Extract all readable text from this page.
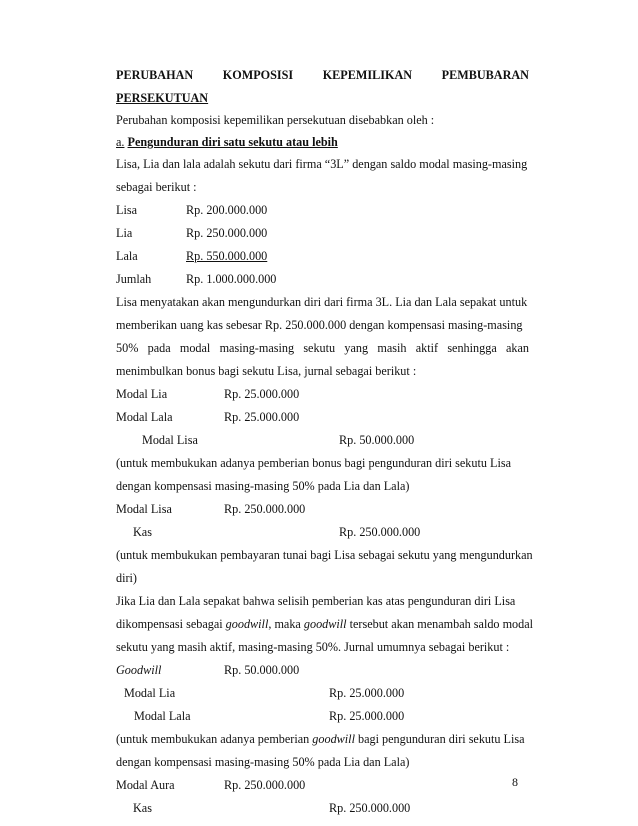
PERUBAHAN KOMPOSISI KEPEMILIKAN PEMBUBARAN
PERSEKUTUAN
Perubahan komposisi kepemilikan persekutuan disebabkan oleh :
a. Pengunduran diri satu sekutu atau lebih
Lisa, Lia dan lala adalah sekutu dari firma “3L” dengan saldo modal masing-masing
sebagai berikut :
Lisa	Rp. 200.000.000
Lia	Rp. 250.000.000
Lala	Rp. 550.000.000
Jumlah	Rp. 1.000.000.000
Lisa menyatakan akan mengundurkan diri dari firma 3L. Lia dan Lala sepakat untuk
memberikan uang kas sebesar Rp. 250.000.000 dengan kompensasi masing-masing
50% pada modal masing-masing sekutu yang masih aktif senhingga akan
menimbulkan bonus bagi sekutu Lisa, jurnal sebagai berikut :
Modal Lia	Rp. 25.000.000
Modal Lala	Rp. 25.000.000
Modal Lisa	Rp. 50.000.000
(untuk membukukan adanya pemberian bonus bagi pengunduran diri sekutu Lisa
dengan kompensasi masing-masing 50% pada Lia dan Lala)
Modal Lisa	Rp. 250.000.000
Kas	Rp. 250.000.000
(untuk membukukan pembayaran tunai bagi Lisa sebagai sekutu yang mengundurkan
diri)
Jika Lia dan Lala sepakat bahwa selisih pemberian kas atas pengunduran diri Lisa
dikompensasi sebagai goodwill, maka goodwill tersebut akan menambah saldo modal
sekutu yang masih aktif, masing-masing 50%. Jurnal umumnya sebagai berikut :
Goodwill	Rp. 50.000.000
Modal Lia	Rp. 25.000.000
Modal Lala	Rp. 25.000.000
(untuk membukukan adanya pemberian goodwill bagi pengunduran diri sekutu Lisa
dengan kompensasi masing-masing 50% pada Lia dan Lala)
Modal Aura	Rp. 250.000.000
Kas	Rp. 250.000.000
8
